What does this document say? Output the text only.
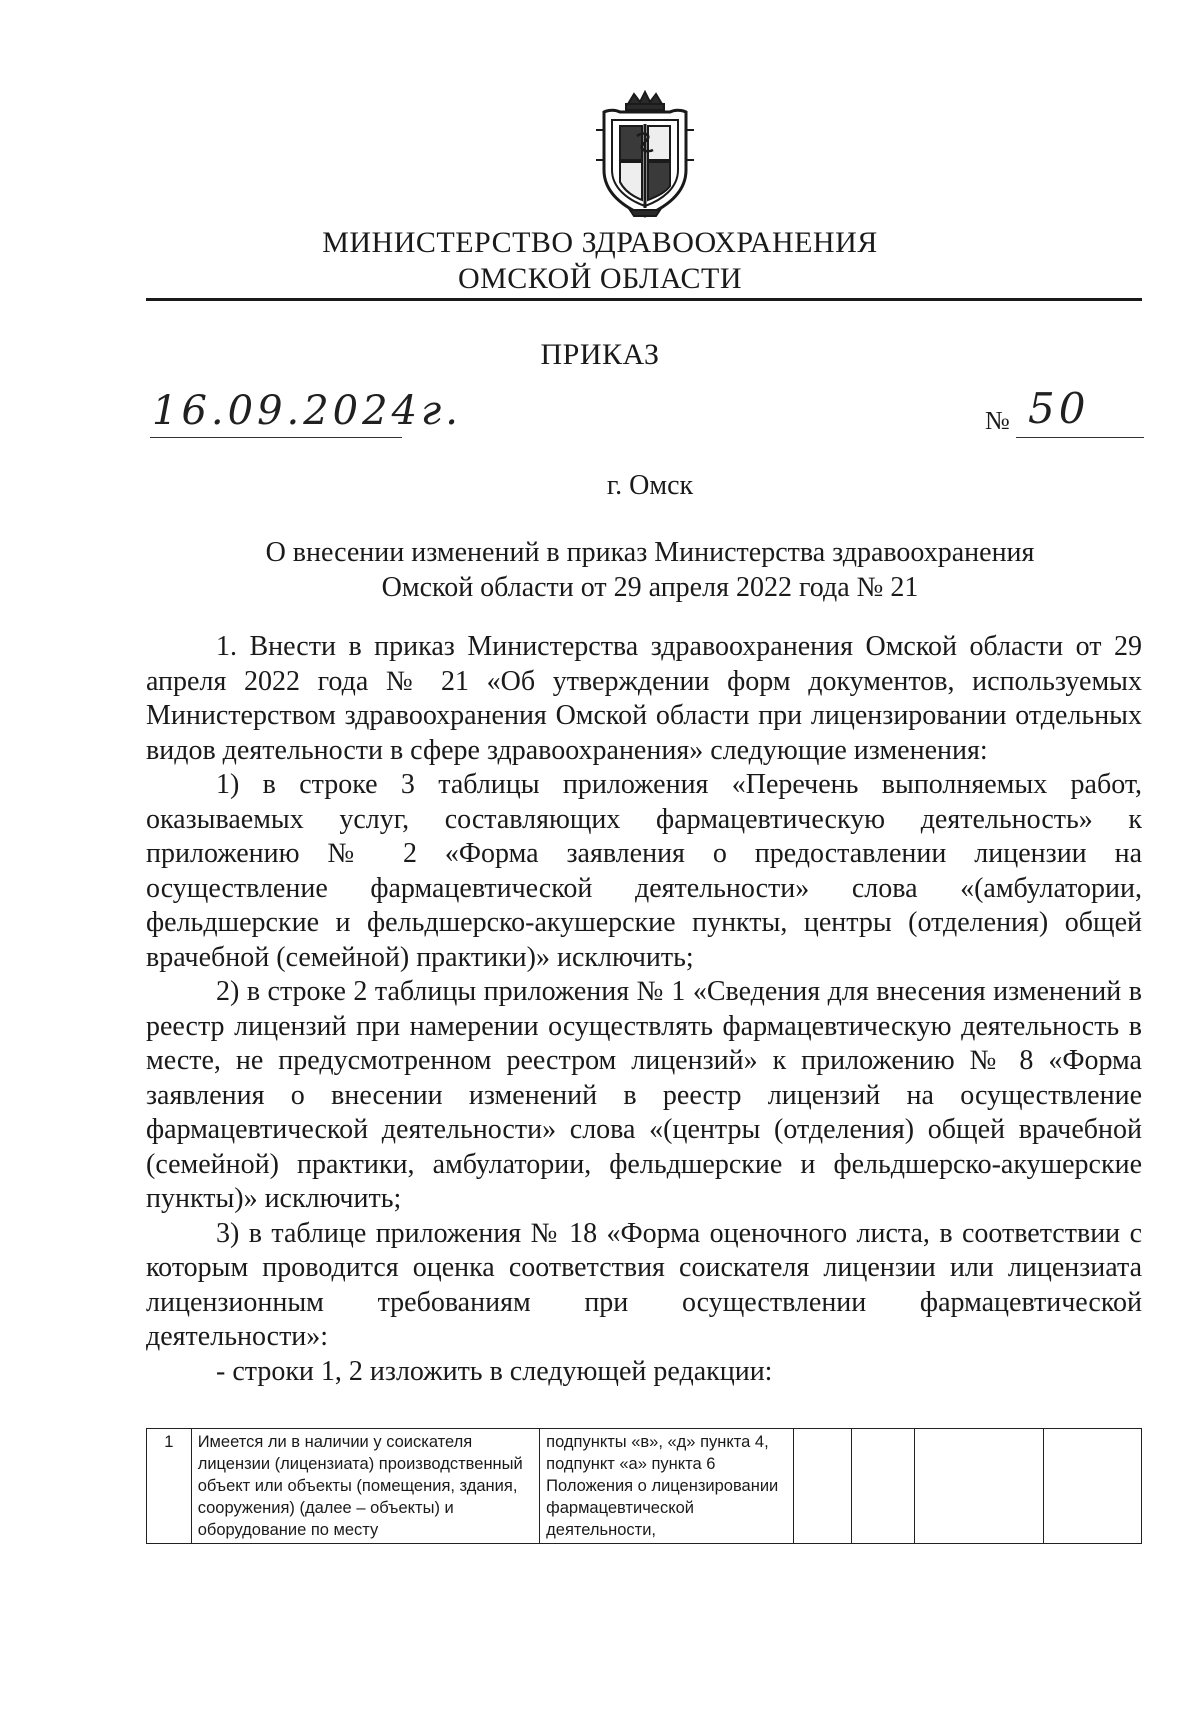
МИНИСТЕРСТВО ЗДРАВООХРАНЕНИЯ
ОМСКОЙ ОБЛАСТИ
ПРИКАЗ
16.09.2024г.	№ 50
г. Омск
О внесении изменений в приказ Министерства здравоохранения
Омской области от 29 апреля 2022 года № 21

1. Внести в приказ Министерства здравоохранения Омской области от 29 апреля 2022 года № 21 «Об утверждении форм документов, используемых Министерством здравоохранения Омской области при лицензировании отдельных видов деятельности в сфере здравоохранения» следующие изменения:

1) в строке 3 таблицы приложения «Перечень выполняемых работ, оказываемых услуг, составляющих фармацевтическую деятельность» к приложению № 2 «Форма заявления о предоставлении лицензии на осуществление фармацевтической деятельности» слова «(амбулатории, фельдшерские и фельдшерско-акушерские пункты, центры (отделения) общей врачебной (семейной) практики)» исключить;

2) в строке 2 таблицы приложения № 1 «Сведения для внесения изменений в реестр лицензий при намерении осуществлять фармацевтическую деятельность в месте, не предусмотренном реестром лицензий» к приложению № 8 «Форма заявления о внесении изменений в реестр лицензий на осуществление фармацевтической деятельности» слова «(центры (отделения) общей врачебной (семейной) практики, амбулатории, фельдшерские и фельдшерско-акушерские пункты)» исключить;

3) в таблице приложения № 18 «Форма оценочного листа, в соответствии с которым проводится оценка соответствия соискателя лицензии или лицензиата лицензионным требованиям при осуществлении фармацевтической деятельности»:

- строки 1, 2 изложить в следующей редакции:

1	Имеется ли в наличии у соискателя лицензии (лицензиата) производственный объект или объекты (помещения, здания, сооружения) (далее – объекты) и оборудование по месту	подпункты «в», «д» пункта 4, подпункт «а» пункта 6 Положения о лицензировании фармацевтической деятельности,				
